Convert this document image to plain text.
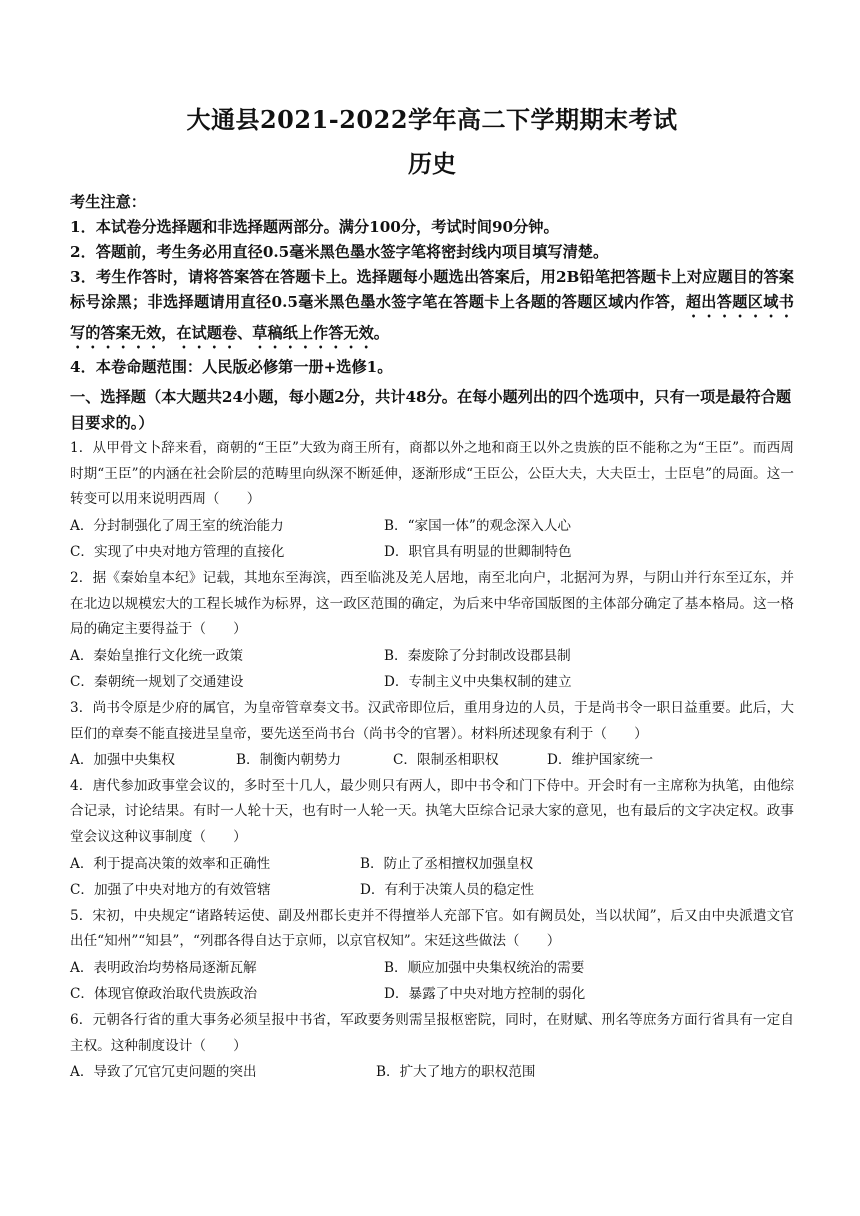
大通县2021-2022学年高二下学期期末考试
历史

考生注意：

1．本试卷分选择题和非选择题两部分。满分100分，考试时间90分钟。

2．答题前，考生务必用直径0.5毫米黑色墨水签字笔将密封线内项目填写清楚。

3．考生作答时，请将答案答在答题卡上。选择题每小题选出答案后，用2B铅笔把答题卡上对应题目的答案标号涂黑；非选择题请用直径0.5毫米黑色墨水签字笔在答题卡上各题的答题区域内作答，超出答题区域书写的答案无效，在试题卷、草稿纸上作答无效。

4．本卷命题范围：人民版必修第一册+选修1。

一、选择题（本大题共24小题，每小题2分，共计48分。在每小题列出的四个选项中，只有一项是最符合题目要求的。）

1．从甲骨文卜辞来看，商朝的“王臣”大致为商王所有，商都以外之地和商王以外之贵族的臣不能称之为“王臣”。而西周时期“王臣”的内涵在社会阶层的范畴里向纵深不断延伸，逐渐形成“王臣公，公臣大夫，大夫臣士，士臣皂”的局面。这一转变可以用来说明西周（　　）

A．分封制强化了周王室的统治能力	B．“家国一体”的观念深入人心
C．实现了中央对地方管理的直接化	D．职官具有明显的世卿制特色

2．据《秦始皇本纪》记载，其地东至海滨，西至临洮及羌人居地，南至北向户，北据河为界，与阴山并行东至辽东，并在北边以规模宏大的工程长城作为标界，这一政区范围的确定，为后来中华帝国版图的主体部分确定了基本格局。这一格局的确定主要得益于（　　）

A．秦始皇推行文化统一政策	B．秦废除了分封制改设郡县制
C．秦朝统一规划了交通建设	D．专制主义中央集权制的建立

3．尚书令原是少府的属官，为皇帝管章奏文书。汉武帝即位后，重用身边的人员，于是尚书令一职日益重要。此后，大臣们的章奏不能直接进呈皇帝，要先送至尚书台（尚书令的官署）。材料所述现象有利于（　　）

A．加强中央集权	B．制衡内朝势力	C．限制丞相职权	D．维护国家统一

4．唐代参加政事堂会议的，多时至十几人，最少则只有两人，即中书令和门下侍中。开会时有一主席称为执笔，由他综合记录，讨论结果。有时一人轮十天，也有时一人轮一天。执笔大臣综合记录大家的意见，也有最后的文字决定权。政事堂会议这种议事制度（　　）

A．利于提高决策的效率和正确性	B．防止了丞相擅权加强皇权
C．加强了中央对地方的有效管辖	D．有利于决策人员的稳定性

5．宋初，中央规定“诸路转运使、副及州郡长吏并不得擅举人充部下官。如有阙员处，当以状闻”，后又由中央派遣文官出任“知州”“知县”，“列郡各得自达于京师，以京官权知”。宋廷这些做法（　　）

A．表明政治均势格局逐渐瓦解	B．顺应加强中央集权统治的需要
C．体现官僚政治取代贵族政治	D．暴露了中央对地方控制的弱化

6．元朝各行省的重大事务必须呈报中书省，军政要务则需呈报枢密院，同时，在财赋、刑名等庶务方面行省具有一定自主权。这种制度设计（　　）

A．导致了冗官冗吏问题的突出	B．扩大了地方的职权范围
